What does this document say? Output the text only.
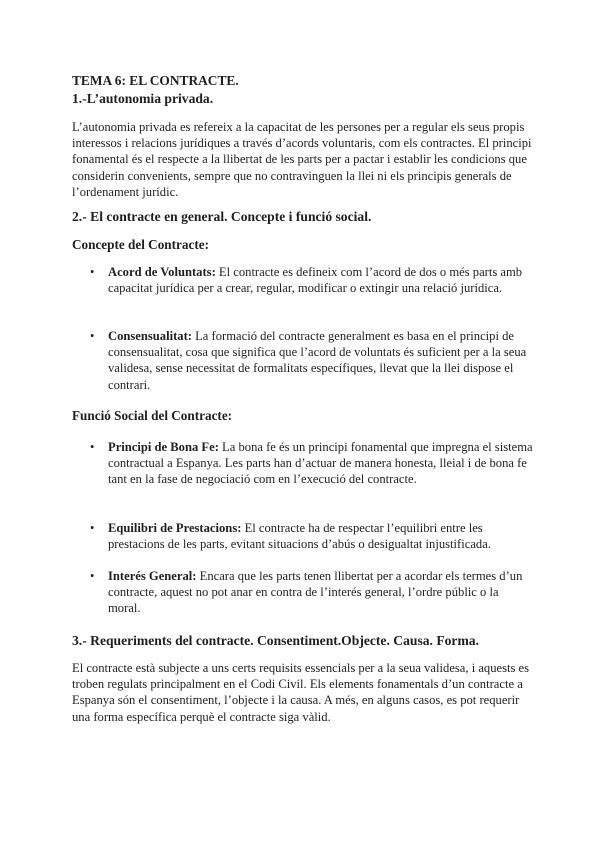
TEMA 6: EL CONTRACTE.
1.-L’autonomia privada.

L’autonomia privada es refereix a la capacitat de les persones per a regular els seus propis interessos i relacions jurídiques a través d’acords voluntaris, com els contractes. El principi fonamental és el respecte a la llibertat de les parts per a pactar i establir les condicions que considerin convenients, sempre que no contravinguen la llei ni els principis generals de l’ordenament jurídic.

2.- El contracte en general. Concepte i funció social.
Concepte del Contracte:
•	Acord de Voluntats: El contracte es defineix com l’acord de dos o més parts amb capacitat jurídica per a crear, regular, modificar o extingir una relació jurídica.
•	Consensualitat: La formació del contracte generalment es basa en el principi de consensualitat, cosa que significa que l’acord de voluntats és suficient per a la seua validesa, sense necessitat de formalitats específiques, llevat que la llei dispose el contrari.
Funció Social del Contracte:
•	Principi de Bona Fe: La bona fe és un principi fonamental que impregna el sistema contractual a Espanya. Les parts han d’actuar de manera honesta, lleial i de bona fe tant en la fase de negociació com en l’execució del contracte.
•	Equilibri de Prestacions: El contracte ha de respectar l’equilibri entre les prestacions de les parts, evitant situacions d’abús o desigualtat injustificada.
•	Interés General: Encara que les parts tenen llibertat per a acordar els termes d’un contracte, aquest no pot anar en contra de l’interés general, l’ordre públic o la moral.
3.- Requeriments del contracte. Consentiment.Objecte. Causa. Forma.

El contracte està subjecte a uns certs requisits essencials per a la seua validesa, i aquests es troben regulats principalment en el Codi Civil. Els elements fonamentals d’un contracte a Espanya són el consentiment, l’objecte i la causa. A més, en alguns casos, es pot requerir una forma específica perquè el contracte siga vàlid.
